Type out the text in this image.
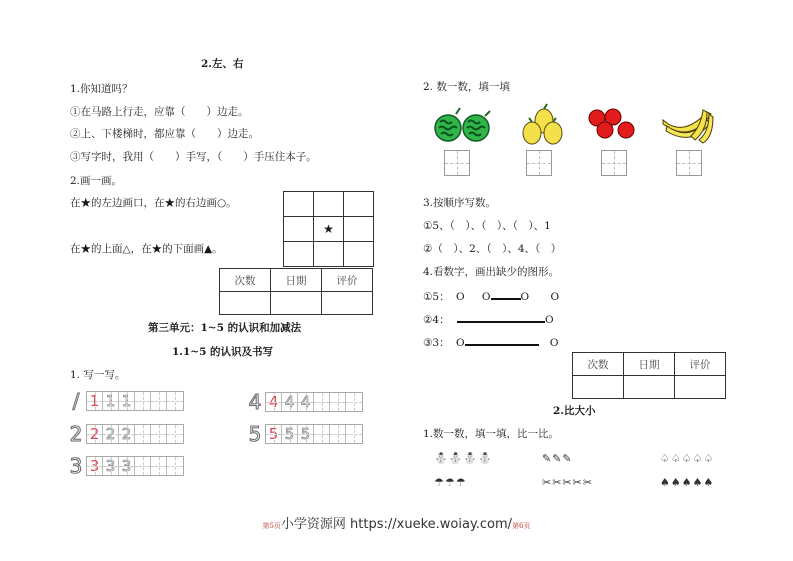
2.左、右
1.你知道吗？
①在马路上行走，应靠（　　）边走。
②上、下楼梯时，都应靠（　　）边走。
③写字时，我用（　　）手写，（　　）手压住本子。
2.画一画。
在★的左边画口，在★的右边画○。
在★的上面△，在★的下面画▲。

	★	

次数	日期	评价

第三单元：1~5 的认识和加减法
1.1~5 的认识及书写
1. 写一写。
/ 1 1 1
2 2 2 2
3 3 3 3
4 4 4 4
5 5 5 5
2. 数一数，填一填
3.按顺序写数。
①5、（　）、（　）、（　）、1
②（　）、2、（　）、4、（　）
4.看数字，画出缺少的图形。
①5： O O	O O
②4：	O
③3： O	O
次数	日期	评价

2.比大小
1.数一数，填一填，比一比。
⛄⛄⛄⛄	✎✎✎	♤♤♤♤♤
☂☂☂	✂✂✂✂✂	♠♠♠♠♠
第5页小学资源网 https://xueke.woiay.com/第6页
